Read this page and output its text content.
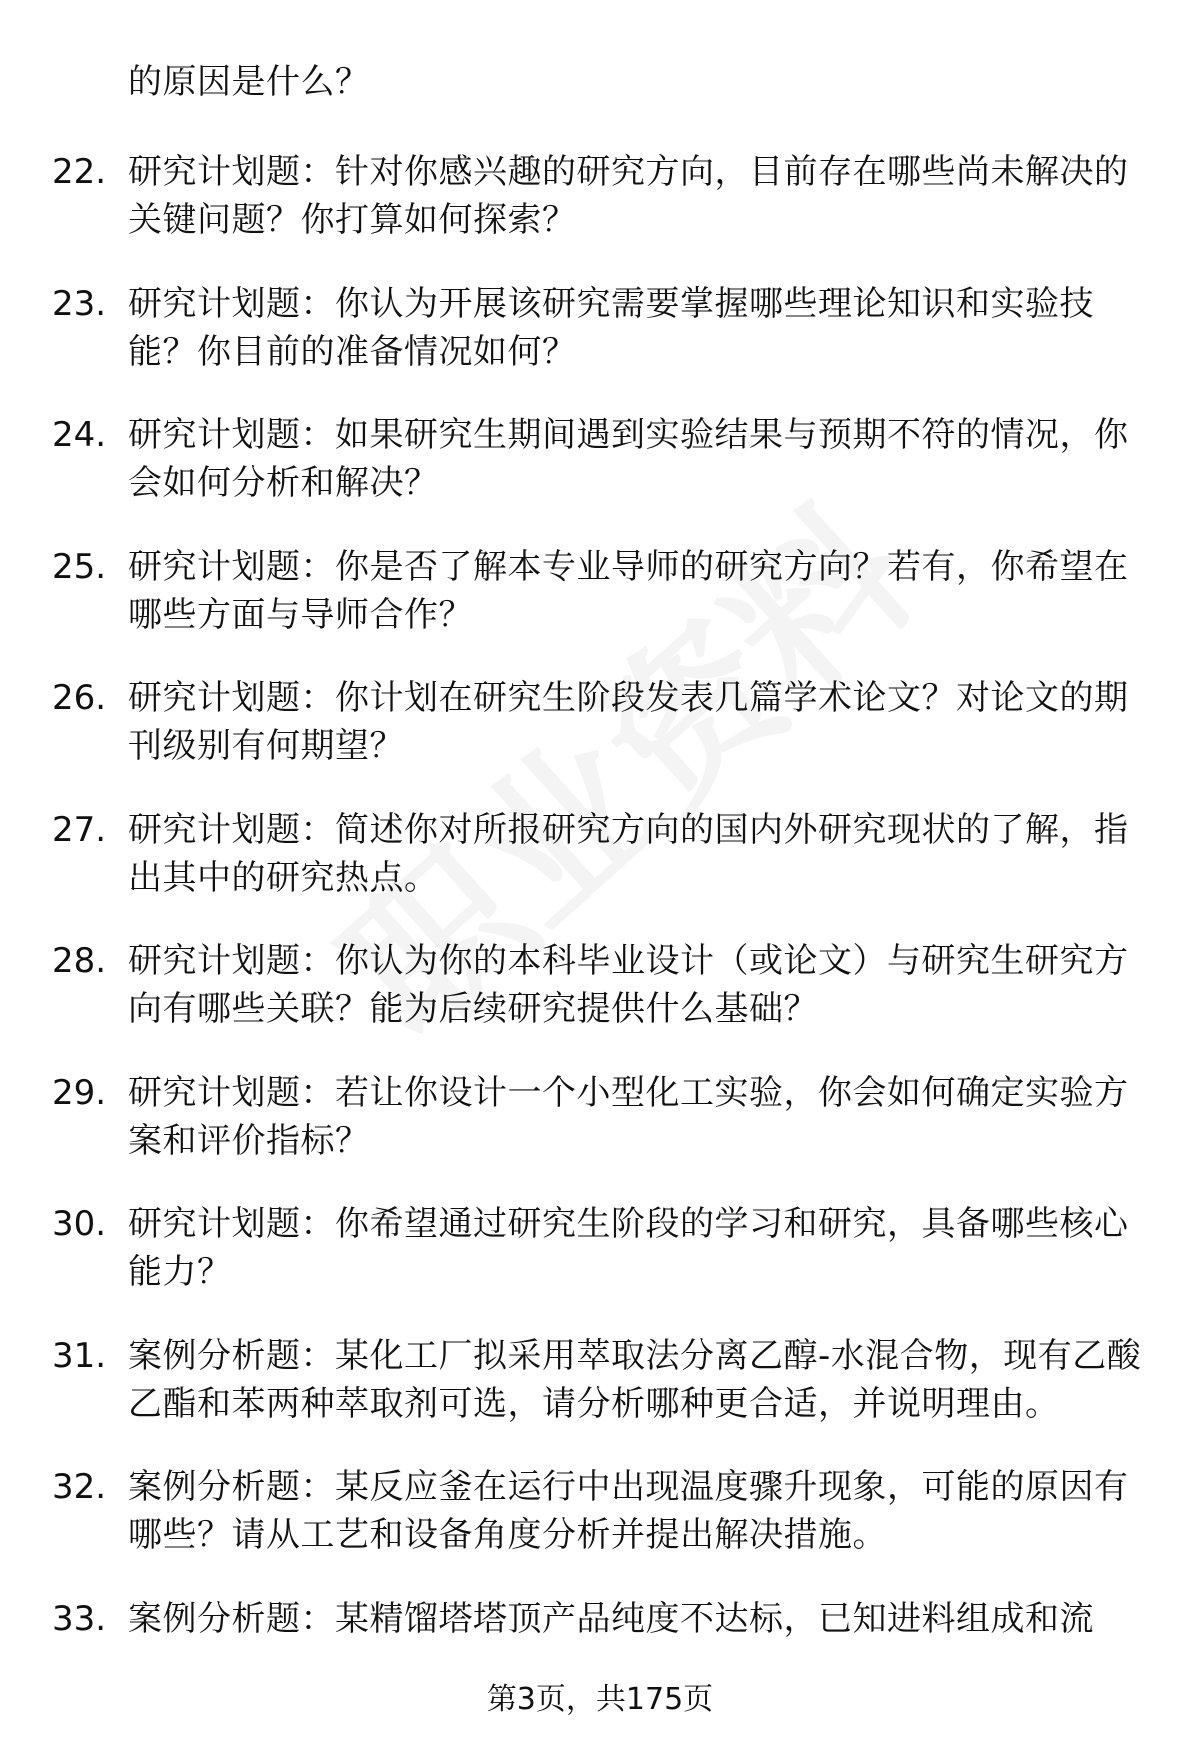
的原因是什么？
22. 研究计划题：针对你感兴趣的研究方向，目前存在哪些尚未解决的关键问题？你打算如何探索？
23. 研究计划题：你认为开展该研究需要掌握哪些理论知识和实验技能？你目前的准备情况如何？
24. 研究计划题：如果研究生期间遇到实验结果与预期不符的情况，你会如何分析和解决？
25. 研究计划题：你是否了解本专业导师的研究方向？若有，你希望在哪些方面与导师合作？
26. 研究计划题：你计划在研究生阶段发表几篇学术论文？对论文的期刊级别有何期望？
27. 研究计划题：简述你对所报研究方向的国内外研究现状的了解，指出其中的研究热点。
28. 研究计划题：你认为你的本科毕业设计（或论文）与研究生研究方向有哪些关联？能为后续研究提供什么基础？
29. 研究计划题：若让你设计一个小型化工实验，你会如何确定实验方案和评价指标？
30. 研究计划题：你希望通过研究生阶段的学习和研究，具备哪些核心能力？
31. 案例分析题：某化工厂拟采用萃取法分离乙醇-水混合物，现有乙酸乙酯和苯两种萃取剂可选，请分析哪种更合适，并说明理由。
32. 案例分析题：某反应釜在运行中出现温度骤升现象，可能的原因有哪些？请从工艺和设备角度分析并提出解决措施。
33. 案例分析题：某精馏塔塔顶产品纯度不达标，已知进料组成和流
第3页，共175页
